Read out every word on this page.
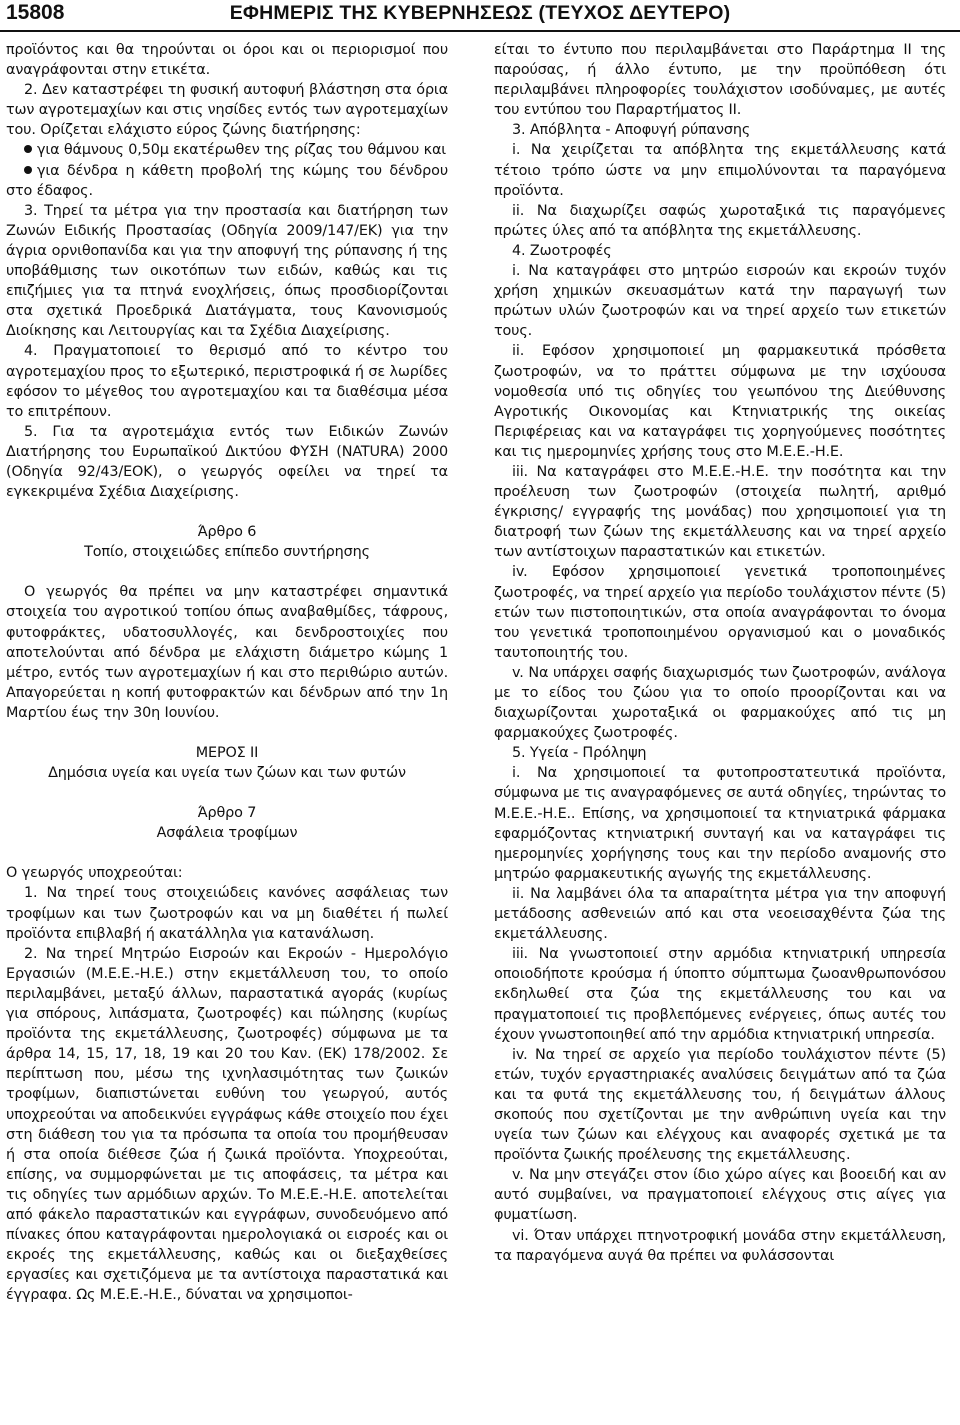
15808	ΕΦΗΜΕΡΙΣ ΤΗΣ ΚΥΒΕΡΝΗΣΕΩΣ (ΤΕΥΧΟΣ ΔΕΥΤΕΡΟ)

προϊόντος και θα τηρούνται οι όροι και οι περιορισμοί που αναγράφονται στην ετικέτα.

2. Δεν καταστρέφει τη φυσική αυτοφυή βλάστηση στα όρια των αγροτεμαχίων και στις νησίδες εντός των αγροτεμαχίων του. Ορίζεται ελάχιστο εύρος ζώνης διατήρησης:

για θάμνους 0,50μ εκατέρωθεν της ρίζας του θάμνου και

για δένδρα η κάθετη προβολή της κώμης του δένδρου στο έδαφος.

3. Τηρεί τα μέτρα για την προστασία και διατήρηση των Ζωνών Ειδικής Προστασίας (Οδηγία 2009/147/ΕΚ) για την άγρια ορνιθοπανίδα και για την αποφυγή της ρύπανσης ή της υποβάθμισης των οικοτόπων των ειδών, καθώς και τις επιζήμιες για τα πτηνά ενοχλήσεις, όπως προσδιορίζονται στα σχετικά Προεδρικά Διατάγματα, τους Κανονισμούς Διοίκησης και Λειτουργίας και τα Σχέδια Διαχείρισης.

4. Πραγματοποιεί το θερισμό από το κέντρο του αγροτεμαχίου προς το εξωτερικό, περιστροφικά ή σε λωρίδες εφόσον το μέγεθος του αγροτεμαχίου και τα διαθέσιμα μέσα το επιτρέπουν.

5. Για τα αγροτεμάχια εντός των Ειδικών Ζωνών Διατήρησης του Ευρωπαϊκού Δικτύου ΦΥΣΗ (NATURA) 2000 (Οδηγία 92/43/ΕΟΚ), ο γεωργός οφείλει να τηρεί τα εγκεκριμένα Σχέδια Διαχείρισης.

Άρθρο 6

Τοπίο, στοιχειώδες επίπεδο συντήρησης

Ο γεωργός θα πρέπει να μην καταστρέφει σημαντικά στοιχεία του αγροτικού τοπίου όπως αναβαθμίδες, τάφρους, φυτοφράκτες, υδατοσυλλογές, και δενδροστοιχίες που αποτελούνται από δένδρα με ελάχιστη διάμετρο κώμης 1 μέτρο, εντός των αγροτεμαχίων ή και στο περιθώριο αυτών. Απαγορεύεται η κοπή φυτοφρακτών και δένδρων από την 1η Μαρτίου έως την 30η Ιουνίου.

ΜΕΡΟΣ ΙΙ

Δημόσια υγεία και υγεία των ζώων και των φυτών

Άρθρο 7

Ασφάλεια τροφίμων

Ο γεωργός υποχρεούται:

1. Να τηρεί τους στοιχειώδεις κανόνες ασφάλειας των τροφίμων και των ζωοτροφών και να μη διαθέτει ή πωλεί προϊόντα επιβλαβή ή ακατάλληλα για κατανάλωση.

2. Να τηρεί Μητρώο Εισροών και Εκροών - Ημερολόγιο Εργασιών (Μ.Ε.Ε.-Η.Ε.) στην εκμετάλλευση του, το οποίο περιλαμβάνει, μεταξύ άλλων, παραστατικά αγοράς (κυρίως για σπόρους, λιπάσματα, ζωοτροφές) και πώλησης (κυρίως προϊόντα της εκμετάλλευσης, ζωοτροφές) σύμφωνα με τα άρθρα 14, 15, 17, 18, 19 και 20 του Καν. (ΕΚ) 178/2002. Σε περίπτωση που, μέσω της ιχνηλασιμότητας των ζωικών τροφίμων, διαπιστώνεται ευθύνη του γεωργού, αυτός υποχρεούται να αποδεικνύει εγγράφως κάθε στοιχείο που έχει στη διάθεση του για τα πρόσωπα τα οποία του προμήθευσαν ή στα οποία διέθεσε ζώα ή ζωικά προϊόντα. Υποχρεούται, επίσης, να συμμορφώνεται με τις αποφάσεις, τα μέτρα και τις οδηγίες των αρμόδιων αρχών. Το Μ.Ε.Ε.-Η.Ε. αποτελείται από φάκελο παραστατικών και εγγράφων, συνοδευόμενο από πίνακες όπου καταγράφονται ημερολογιακά οι εισροές και οι εκροές της εκμετάλλευσης, καθώς και οι διεξαχθείσες εργασίες και σχετιζόμενα με τα αντίστοιχα παραστατικά και έγγραφα. Ως Μ.Ε.Ε.-Η.Ε., δύναται να χρησιμοποι-

είται το έντυπο που περιλαμβάνεται στο Παράρτημα ΙΙ της παρούσας, ή άλλο έντυπο, με την προϋπόθεση ότι περιλαμβάνει πληροφορίες τουλάχιστον ισοδύναμες, με αυτές του εντύπου του Παραρτήματος ΙΙ.

3. Απόβλητα - Αποφυγή ρύπανσης

i. Να χειρίζεται τα απόβλητα της εκμετάλλευσης κατά τέτοιο τρόπο ώστε να μην επιμολύνονται τα παραγόμενα προϊόντα.

ii. Να διαχωρίζει σαφώς χωροταξικά τις παραγόμενες πρώτες ύλες από τα απόβλητα της εκμετάλλευσης.

4. Ζωοτροφές

i. Να καταγράφει στο μητρώο εισροών και εκροών τυχόν χρήση χημικών σκευασμάτων κατά την παραγωγή των πρώτων υλών ζωοτροφών και να τηρεί αρχείο των ετικετών τους.

ii. Εφόσον χρησιμοποιεί μη φαρμακευτικά πρόσθετα ζωοτροφών, να το πράττει σύμφωνα με την ισχύουσα νομοθεσία υπό τις οδηγίες του γεωπόνου της Διεύθυνσης Αγροτικής Οικονομίας και Κτηνιατρικής της οικείας Περιφέρειας και να καταγράφει τις χορηγούμενες ποσότητες και τις ημερομηνίες χρήσης τους στο Μ.Ε.Ε.-Η.Ε.

iii. Να καταγράφει στο Μ.Ε.Ε.-Η.Ε. την ποσότητα και την προέλευση των ζωοτροφών (στοιχεία πωλητή, αριθμό έγκρισης/ εγγραφής της μονάδας) που χρησιμοποιεί για τη διατροφή των ζώων της εκμετάλλευσης και να τηρεί αρχείο των αντίστοιχων παραστατικών και ετικετών.

iv. Εφόσον χρησιμοποιεί γενετικά τροποποιημένες ζωοτροφές, να τηρεί αρχείο για περίοδο τουλάχιστον πέντε (5) ετών των πιστοποιητικών, στα οποία αναγράφονται το όνομα του γενετικά τροποποιημένου οργανισμού και ο μοναδικός ταυτοποιητής του.

v. Να υπάρχει σαφής διαχωρισμός των ζωοτροφών, ανάλογα με το είδος του ζώου για το οποίο προορίζονται και να διαχωρίζονται χωροταξικά οι φαρμακούχες από τις μη φαρμακούχες ζωοτροφές.

5. Υγεία - Πρόληψη

i. Να χρησιμοποιεί τα φυτοπροστατευτικά προϊόντα, σύμφωνα με τις αναγραφόμενες σε αυτά οδηγίες, τηρώντας το Μ.Ε.Ε.-Η.Ε.. Επίσης, να χρησιμοποιεί τα κτηνιατρικά φάρμακα εφαρμόζοντας κτηνιατρική συνταγή και να καταγράφει τις ημερομηνίες χορήγησης τους και την περίοδο αναμονής στο μητρώο φαρμακευτικής αγωγής της εκμετάλλευσης.

ii. Να λαμβάνει όλα τα απαραίτητα μέτρα για την αποφυγή μετάδοσης ασθενειών από και στα νεοεισαχθέντα ζώα της εκμετάλλευσης.

iii. Να γνωστοποιεί στην αρμόδια κτηνιατρική υπηρεσία οποιοδήποτε κρούσμα ή ύποπτο σύμπτωμα ζωοανθρωπονόσου εκδηλωθεί στα ζώα της εκμετάλλευσης του και να πραγματοποιεί τις προβλεπόμενες ενέργειες, όπως αυτές του έχουν γνωστοποιηθεί από την αρμόδια κτηνιατρική υπηρεσία.

iv. Να τηρεί σε αρχείο για περίοδο τουλάχιστον πέντε (5) ετών, τυχόν εργαστηριακές αναλύσεις δειγμάτων από τα ζώα και τα φυτά της εκμετάλλευσης του, ή δειγμάτων άλλους σκοπούς που σχετίζονται με την ανθρώπινη υγεία και την υγεία των ζώων και ελέγχους και αναφορές σχετικά με τα προϊόντα ζωικής προέλευσης της εκμετάλλευσης.

v. Να μην στεγάζει στον ίδιο χώρο αίγες και βοοειδή και αν αυτό συμβαίνει, να πραγματοποιεί ελέγχους στις αίγες για φυματίωση.

vi. Όταν υπάρχει πτηνοτροφική μονάδα στην εκμετάλλευση, τα παραγόμενα αυγά θα πρέπει να φυλάσσονται
